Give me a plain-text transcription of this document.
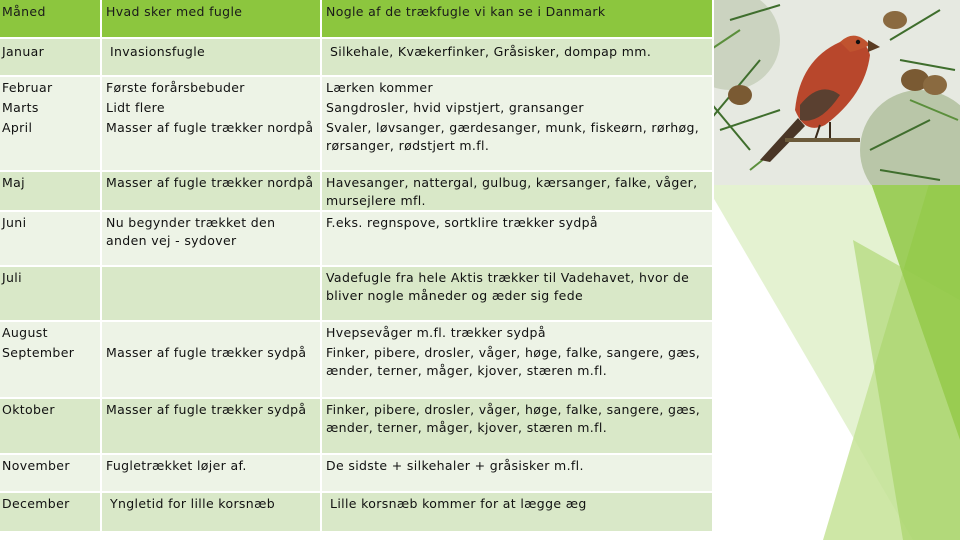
Måned	Hvad sker med fugle	Nogle af de trækfugle vi kan se i Danmark
Januar	Invasionsfugle	Silkehale, Kvækerfinker, Gråsisker, dompap mm.
Februar	Første forårsbebuder	Lærken kommer
Marts	Lidt flere	Sangdrosler, hvid vipstjert, gransanger
April	Masser af fugle trækker nordpå	Svaler, løvsanger, gærdesanger, munk, fiskeørn, rørhøg, rørsanger, rødstjert m.fl.
Maj	Masser af fugle trækker nordpå	Havesanger, nattergal, gulbug, kærsanger, falke, våger, mursejlere mfl.
Juni	Nu begynder trækket den anden vej - sydover	F.eks. regnspove, sortklire trækker sydpå
Juli		Vadefugle fra hele Aktis trækker til Vadehavet, hvor de bliver nogle måneder og æder sig fede
August		Hvepsevåger m.fl. trækker sydpå
September	Masser af fugle trækker sydpå	Finker, pibere, drosler, våger, høge, falke, sangere, gæs, ænder, terner, måger, kjover, stæren m.fl.
Oktober	Masser af fugle trækker sydpå	Finker, pibere, drosler, våger, høge, falke, sangere, gæs, ænder, terner, måger, kjover, stæren m.fl.
November	Fugletrækket løjer af.	De sidste + silkehaler + gråsisker m.fl.
December	Yngletid for lille korsnæb	Lille korsnæb kommer for at lægge æg
